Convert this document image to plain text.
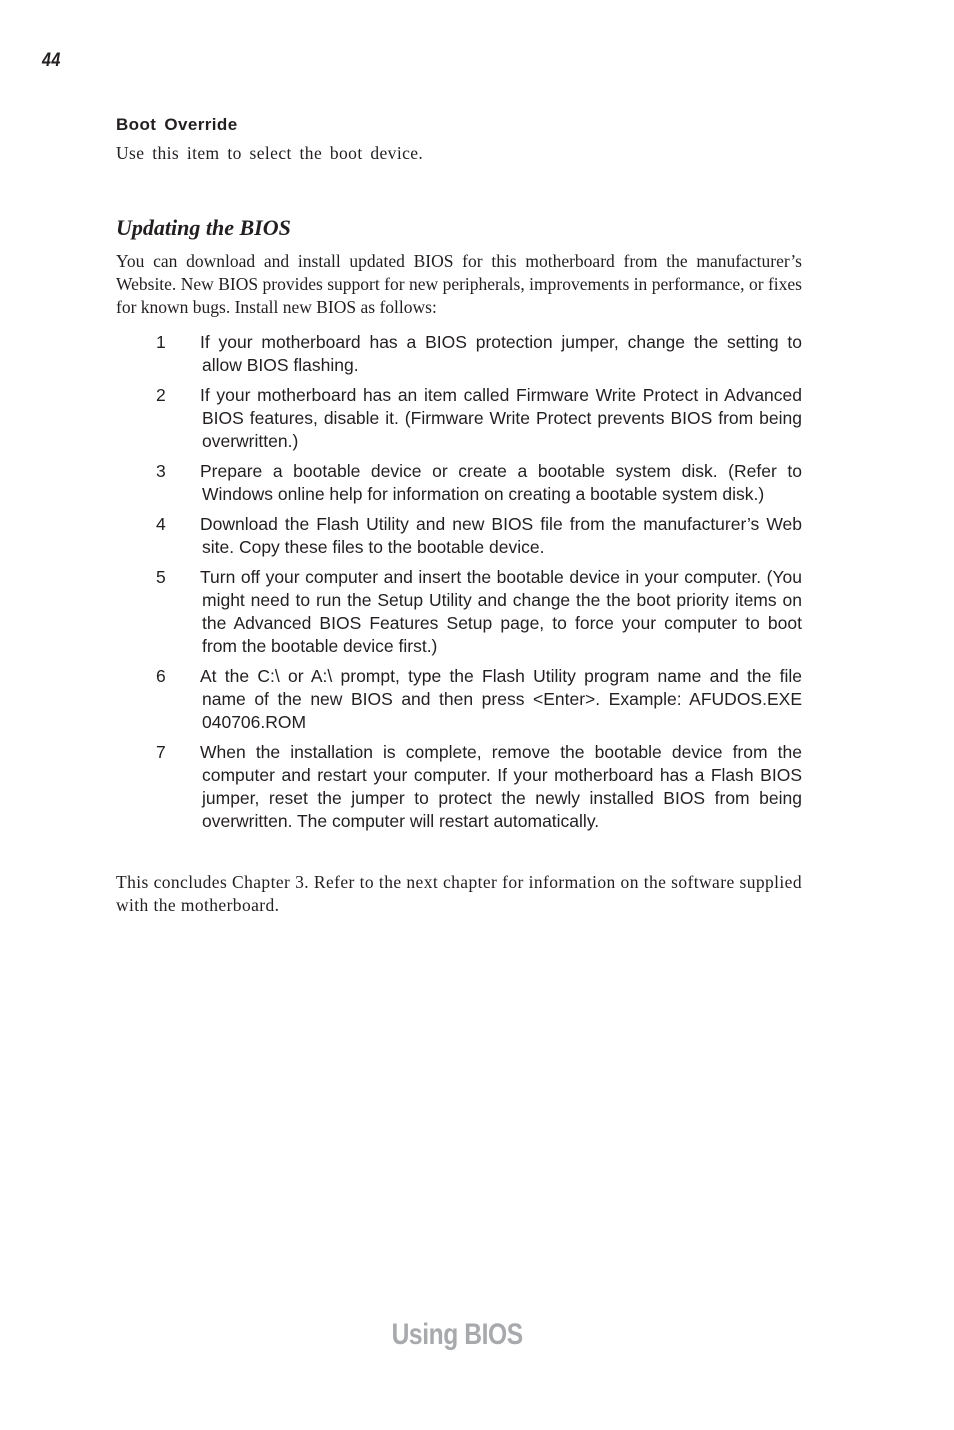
44
Boot Override

Use this item to select the boot device.

Updating the BIOS

You can download and install updated BIOS for this motherboard from the manufacturer’s Website. New BIOS provides support for new peripherals, improvements in performance, or fixes for known bugs. Install new BIOS as follows:

1	If your motherboard has a BIOS protection jumper, change the setting to allow BIOS flashing.
2	If your motherboard has an item called Firmware Write Protect in Advanced BIOS features, disable it. (Firmware Write Protect prevents BIOS from being overwritten.)
3	Prepare a bootable device or create a bootable system disk. (Refer to Windows online help for information on creating a bootable system disk.)
4	Download the Flash Utility and new BIOS file from the manufacturer’s Web site. Copy these files to the bootable device.
5	Turn off your computer and insert the bootable device in your computer. (You might need to run the Setup Utility and change the the boot priority items on the Advanced BIOS Features Setup page, to force your computer to boot from the bootable device first.)
6	At the C:\ or A:\ prompt, type the Flash Utility program name and the file name of the new BIOS and then press <Enter>. Example: AFUDOS.EXE 040706.ROM
7	When the installation is complete, remove the bootable device from the computer and restart your computer. If your motherboard has a Flash BIOS jumper, reset the jumper to protect the newly installed BIOS from being overwritten. The computer will restart automatically.

This concludes Chapter 3. Refer to the next chapter for information on the software supplied with the motherboard.

Using BIOS
